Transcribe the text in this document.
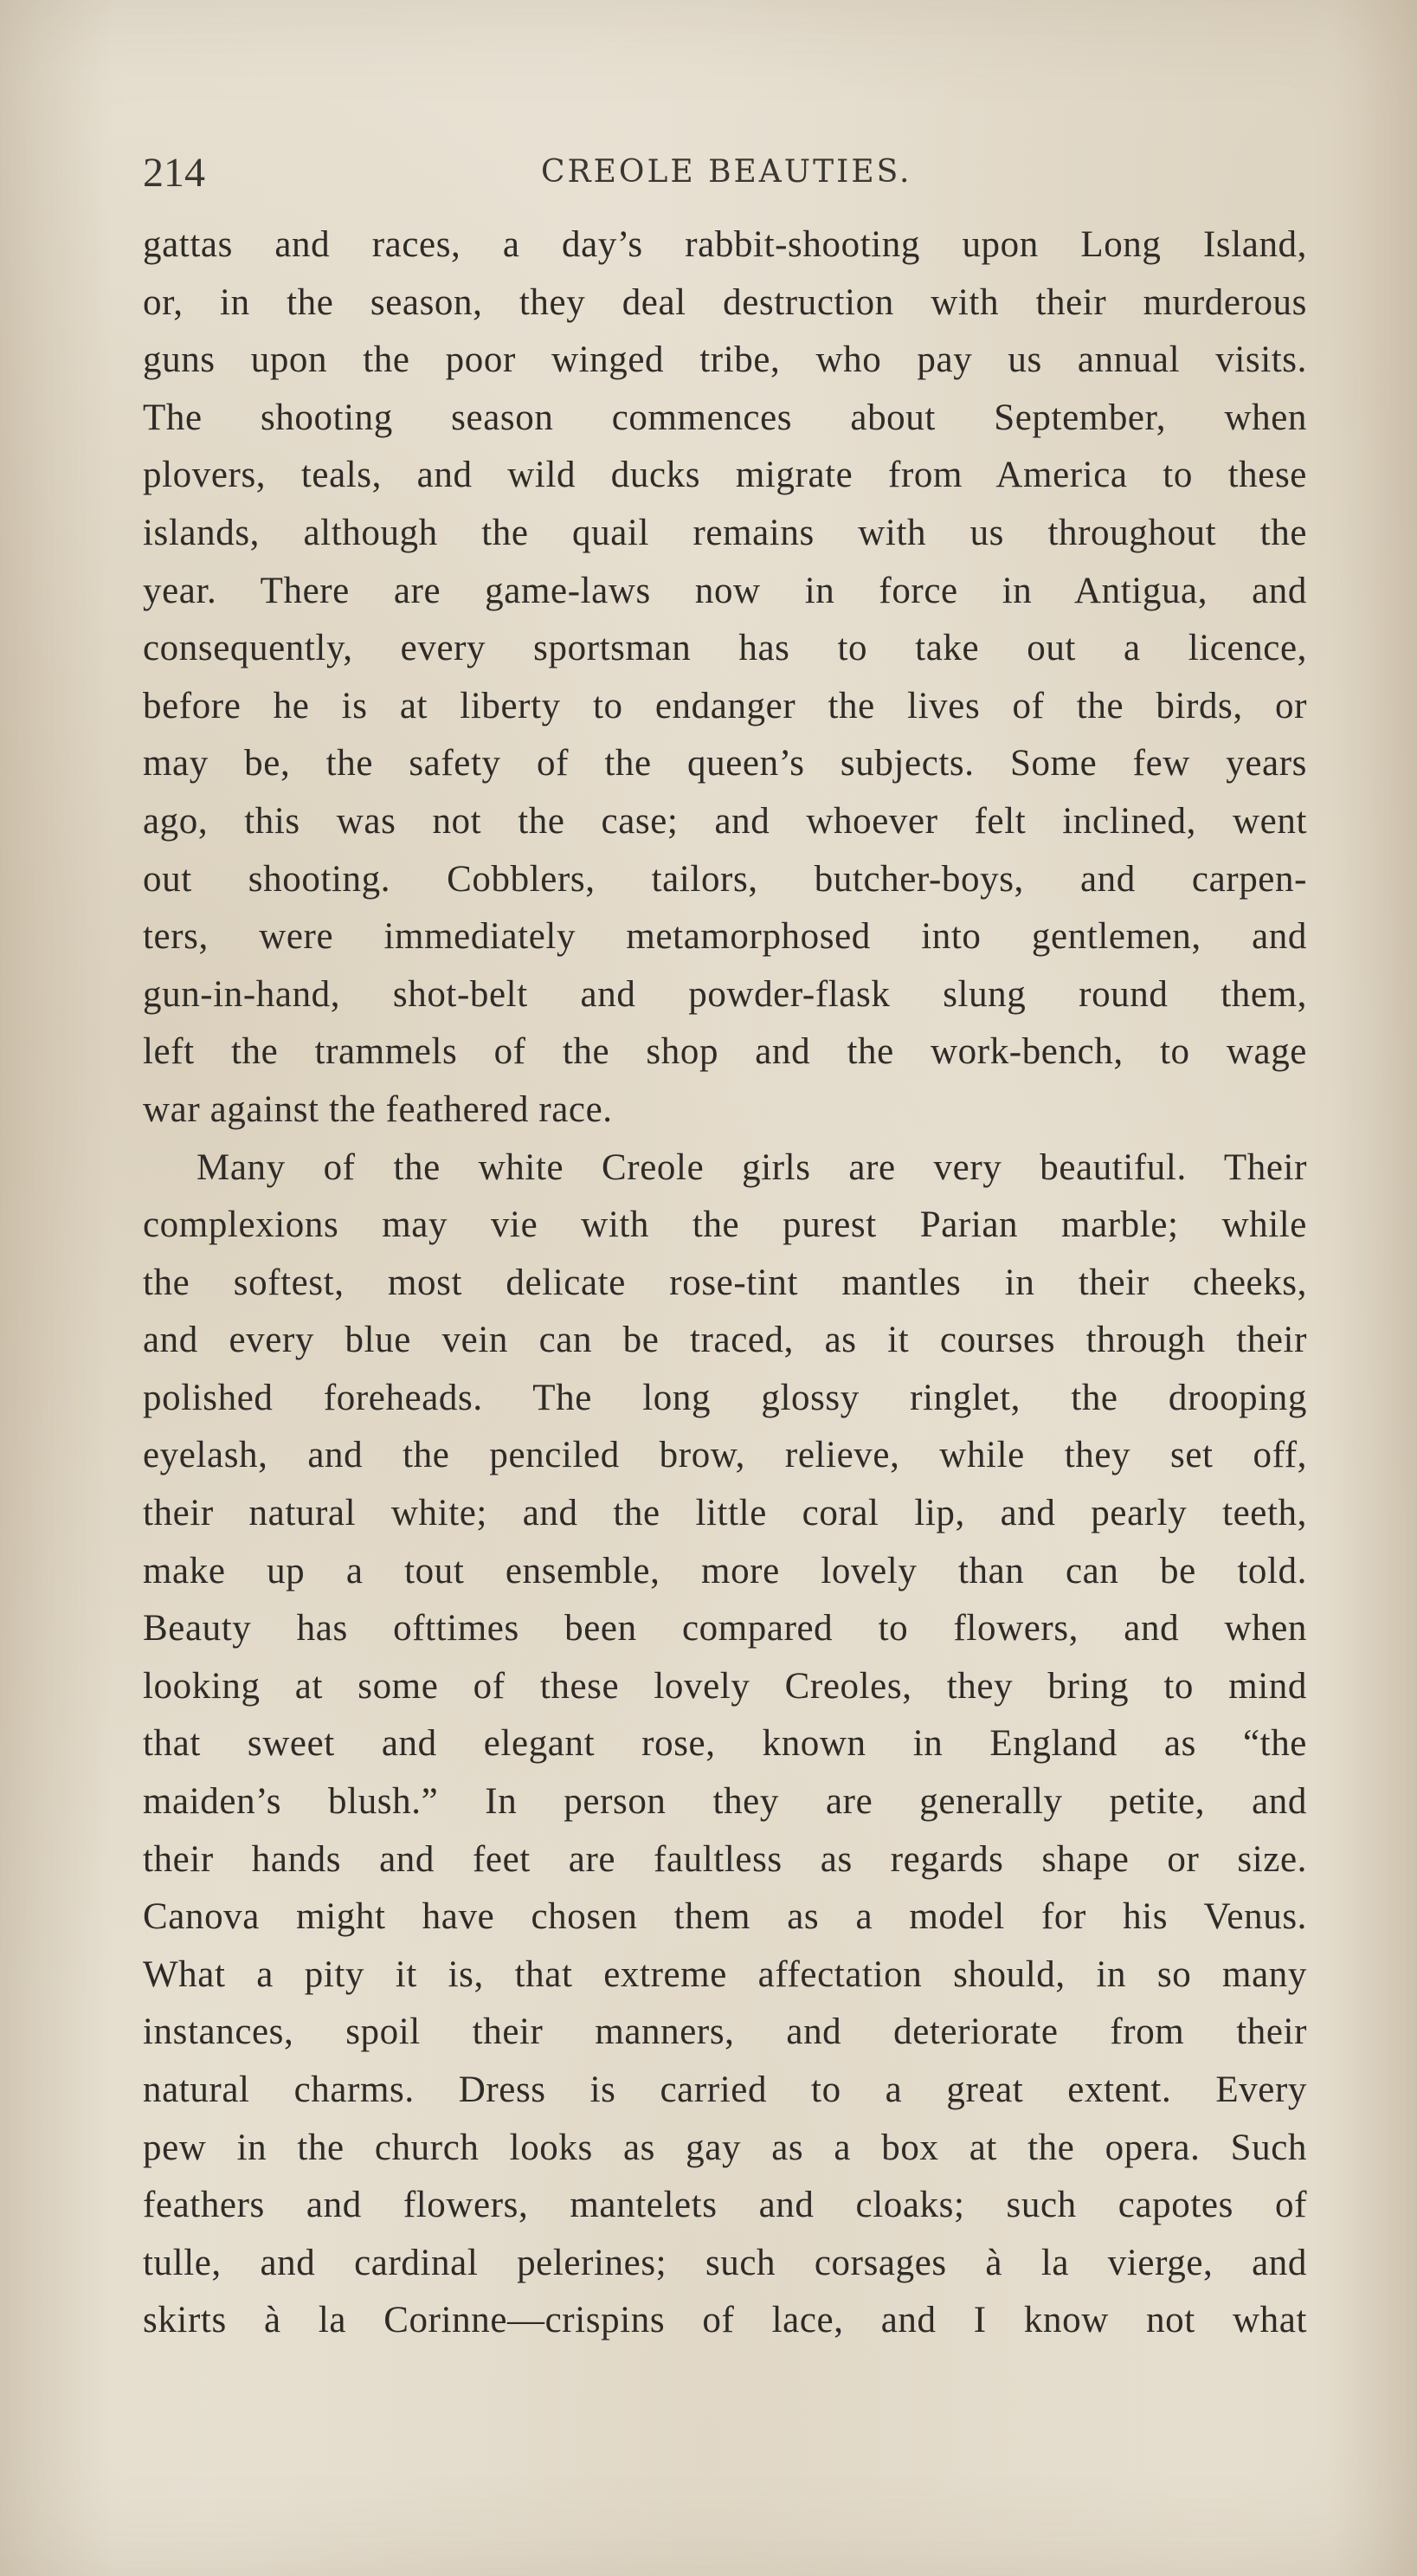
214	CREOLE BEAUTIES.
gattas and races, a day’s rabbit-shooting upon Long Island,
or, in the season, they deal destruction with their murderous
guns upon the poor winged tribe, who pay us annual visits.
The shooting season commences about September, when
plovers, teals, and wild ducks migrate from America to these
islands, although the quail remains with us throughout the
year. There are game-laws now in force in Antigua, and
consequently, every sportsman has to take out a licence,
before he is at liberty to endanger the lives of the birds, or
may be, the safety of the queen’s subjects. Some few years
ago, this was not the case; and whoever felt inclined, went
out shooting. Cobblers, tailors, butcher-boys, and carpen-
ters, were immediately metamorphosed into gentlemen, and
gun-in-hand, shot-belt and powder-flask slung round them,
left the trammels of the shop and the work-bench, to wage
war against the feathered race.
Many of the white Creole girls are very beautiful. Their
complexions may vie with the purest Parian marble; while
the softest, most delicate rose-tint mantles in their cheeks,
and every blue vein can be traced, as it courses through their
polished foreheads. The long glossy ringlet, the drooping
eyelash, and the penciled brow, relieve, while they set off,
their natural white; and the little coral lip, and pearly teeth,
make up a tout ensemble, more lovely than can be told.
Beauty has ofttimes been compared to flowers, and when
looking at some of these lovely Creoles, they bring to mind
that sweet and elegant rose, known in England as “the
maiden’s blush.” In person they are generally petite, and
their hands and feet are faultless as regards shape or size.
Canova might have chosen them as a model for his Venus.
What a pity it is, that extreme affectation should, in so many
instances, spoil their manners, and deteriorate from their
natural charms. Dress is carried to a great extent. Every
pew in the church looks as gay as a box at the opera. Such
feathers and flowers, mantelets and cloaks; such capotes of
tulle, and cardinal pelerines; such corsages à la vierge, and
skirts à la Corinne—crispins of lace, and I know not what
